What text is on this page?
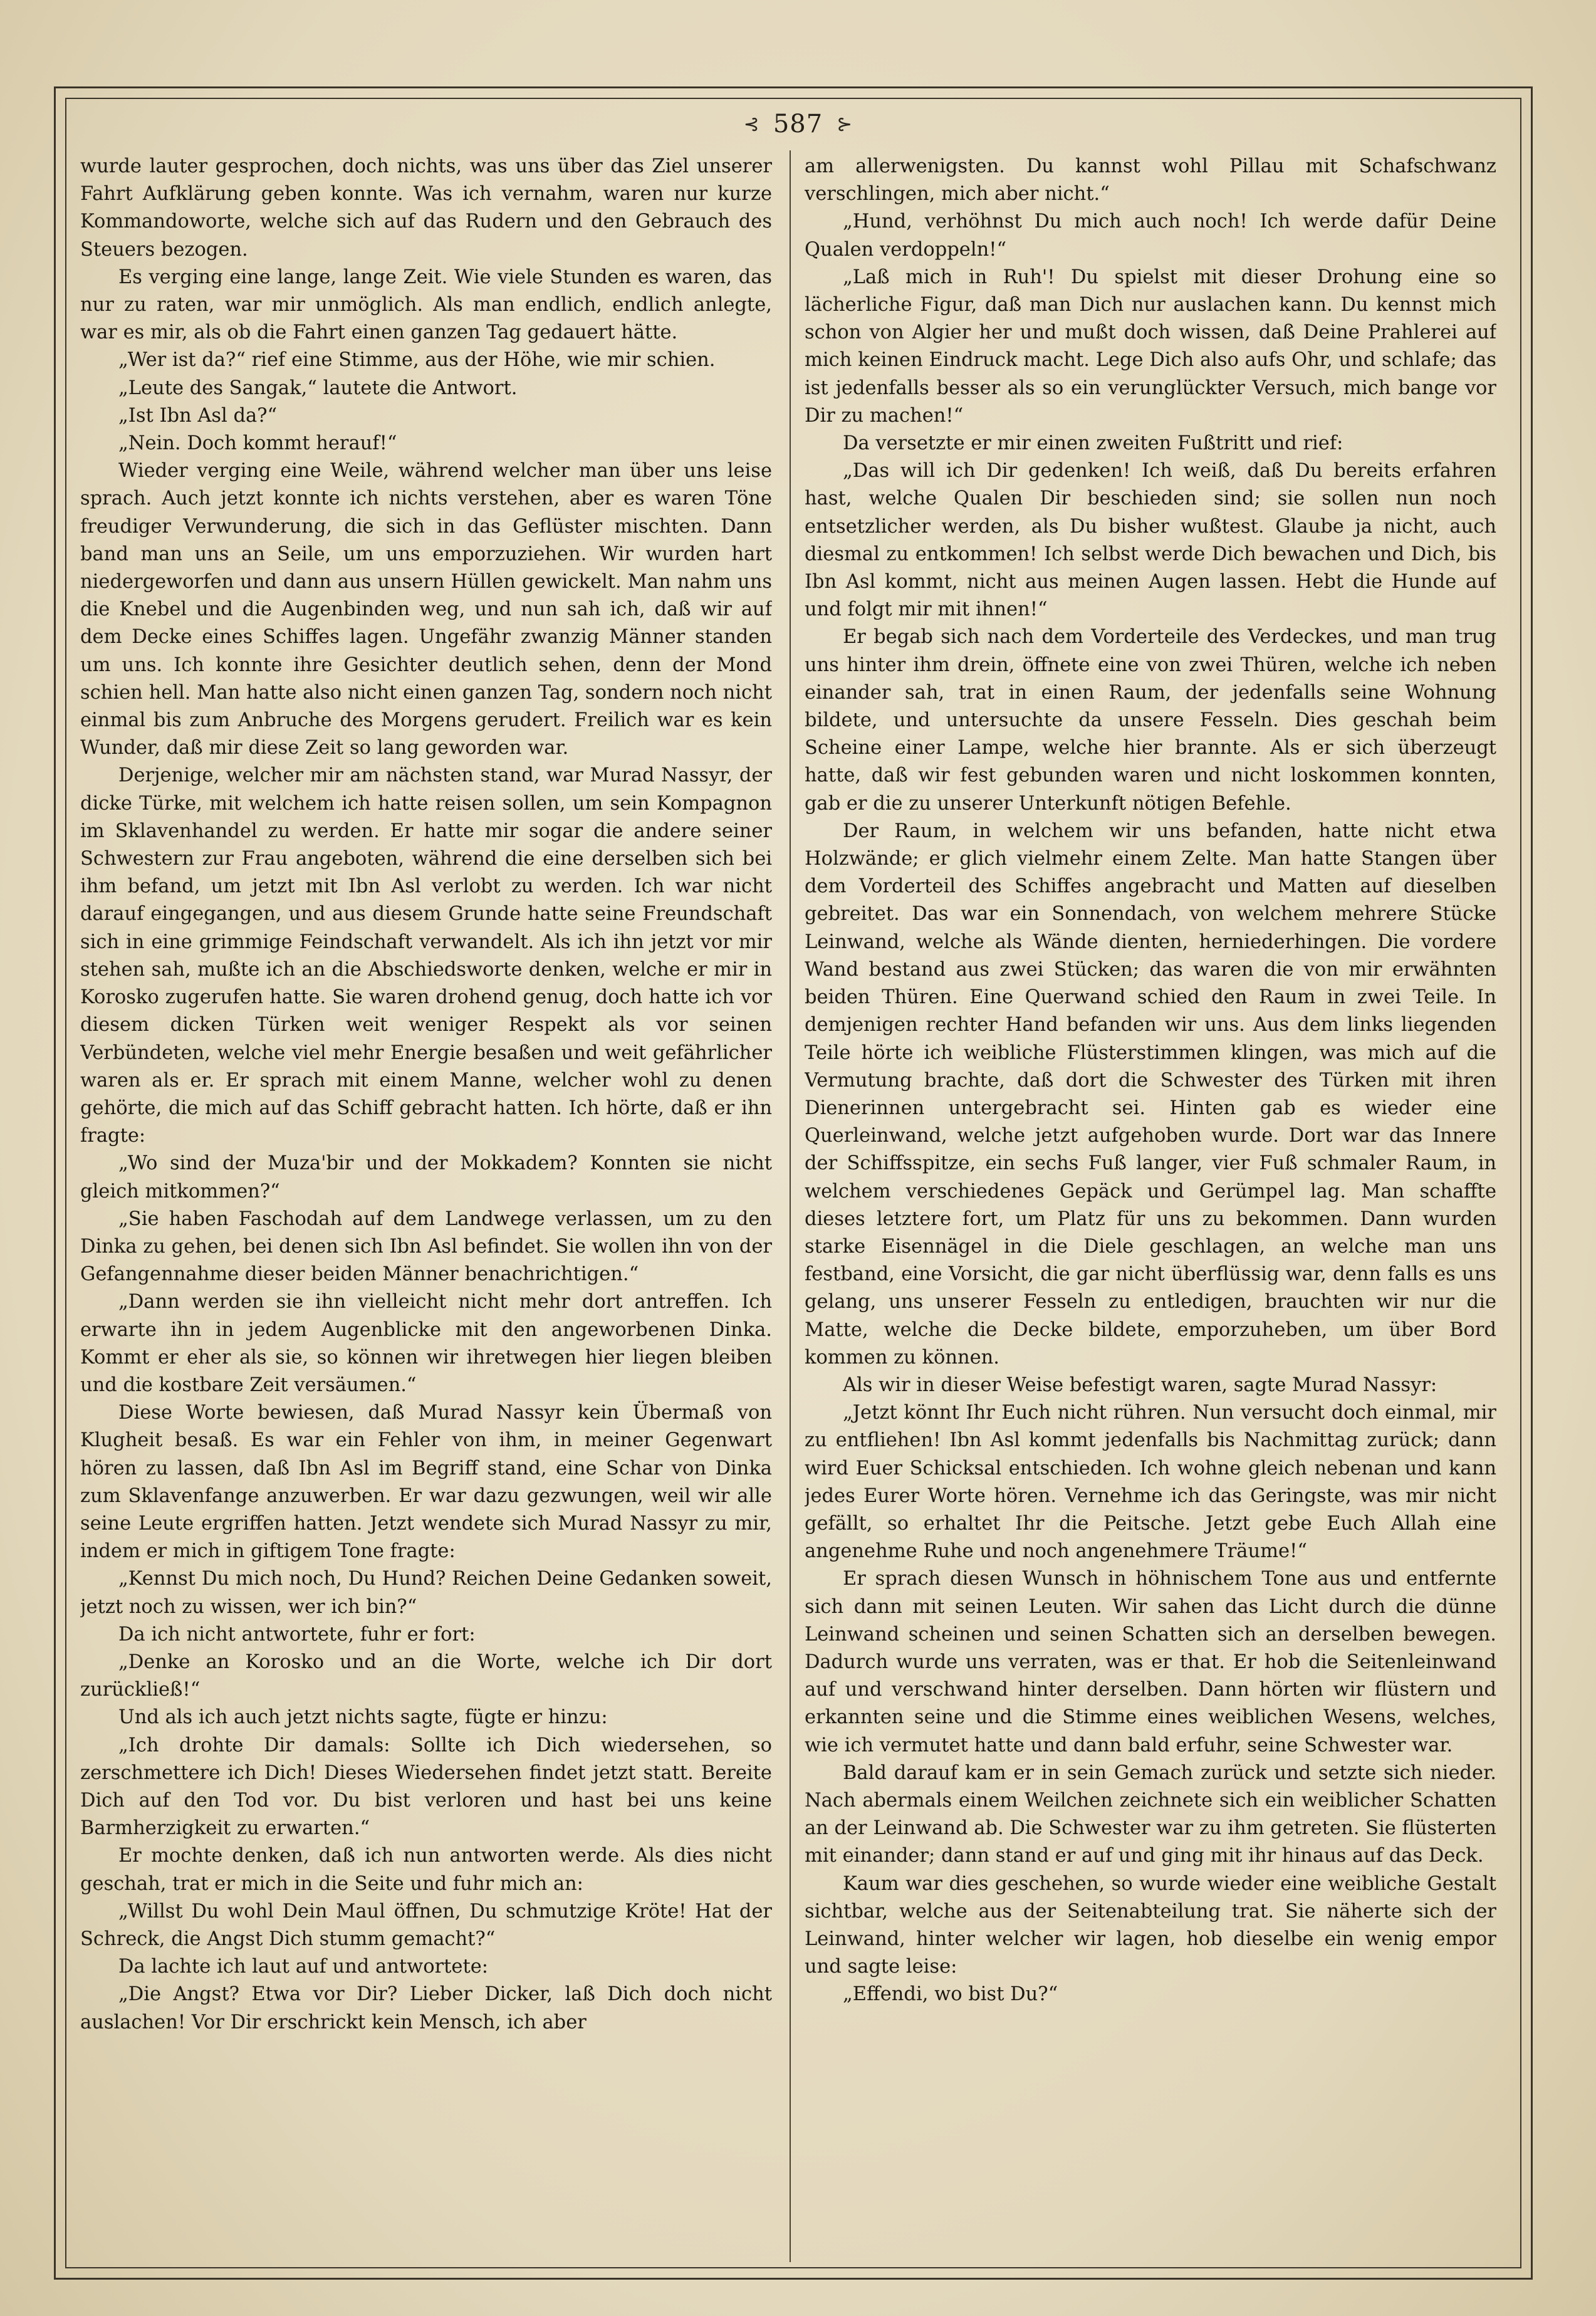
⊰ 587 ⊱

wurde lauter gesprochen, doch nichts, was uns über das Ziel unserer Fahrt Aufklärung geben konnte. Was ich vernahm, waren nur kurze Kommandoworte, welche sich auf das Rudern und den Gebrauch des Steuers bezogen.

Es verging eine lange, lange Zeit. Wie viele Stunden es waren, das nur zu raten, war mir unmöglich. Als man endlich, endlich anlegte, war es mir, als ob die Fahrt einen ganzen Tag gedauert hätte.

„Wer ist da?“ rief eine Stimme, aus der Höhe, wie mir schien.

„Leute des Sangak,“ lautete die Antwort.

„Ist Ibn Asl da?“

„Nein. Doch kommt herauf!“

Wieder verging eine Weile, während welcher man über uns leise sprach. Auch jetzt konnte ich nichts verstehen, aber es waren Töne freudiger Verwunderung, die sich in das Geflüster mischten. Dann band man uns an Seile, um uns emporzuziehen. Wir wurden hart niedergeworfen und dann aus unsern Hüllen gewickelt. Man nahm uns die Knebel und die Augenbinden weg, und nun sah ich, daß wir auf dem Decke eines Schiffes lagen. Ungefähr zwanzig Männer standen um uns. Ich konnte ihre Gesichter deutlich sehen, denn der Mond schien hell. Man hatte also nicht einen ganzen Tag, sondern noch nicht einmal bis zum Anbruche des Morgens gerudert. Freilich war es kein Wunder, daß mir diese Zeit so lang geworden war.

Derjenige, welcher mir am nächsten stand, war Murad Nassyr, der dicke Türke, mit welchem ich hatte reisen sollen, um sein Kompagnon im Sklavenhandel zu werden. Er hatte mir sogar die andere seiner Schwestern zur Frau angeboten, während die eine derselben sich bei ihm befand, um jetzt mit Ibn Asl verlobt zu werden. Ich war nicht darauf eingegangen, und aus diesem Grunde hatte seine Freundschaft sich in eine grimmige Feindschaft verwandelt. Als ich ihn jetzt vor mir stehen sah, mußte ich an die Abschiedsworte denken, welche er mir in Korosko zugerufen hatte. Sie waren drohend genug, doch hatte ich vor diesem dicken Türken weit weniger Respekt als vor seinen Verbündeten, welche viel mehr Energie besaßen und weit gefährlicher waren als er. Er sprach mit einem Manne, welcher wohl zu denen gehörte, die mich auf das Schiff gebracht hatten. Ich hörte, daß er ihn fragte:

„Wo sind der Muza'bir und der Mokkadem? Konnten sie nicht gleich mitkommen?“

„Sie haben Faschodah auf dem Landwege verlassen, um zu den Dinka zu gehen, bei denen sich Ibn Asl befindet. Sie wollen ihn von der Gefangennahme dieser beiden Männer benachrichtigen.“

„Dann werden sie ihn vielleicht nicht mehr dort antreffen. Ich erwarte ihn in jedem Augenblicke mit den angeworbenen Dinka. Kommt er eher als sie, so können wir ihretwegen hier liegen bleiben und die kostbare Zeit versäumen.“

Diese Worte bewiesen, daß Murad Nassyr kein Übermaß von Klugheit besaß. Es war ein Fehler von ihm, in meiner Gegenwart hören zu lassen, daß Ibn Asl im Begriff stand, eine Schar von Dinka zum Sklavenfange anzuwerben. Er war dazu gezwungen, weil wir alle seine Leute ergriffen hatten. Jetzt wendete sich Murad Nassyr zu mir, indem er mich in giftigem Tone fragte:

„Kennst Du mich noch, Du Hund? Reichen Deine Gedanken soweit, jetzt noch zu wissen, wer ich bin?“

Da ich nicht antwortete, fuhr er fort:

„Denke an Korosko und an die Worte, welche ich Dir dort zurückließ!“

Und als ich auch jetzt nichts sagte, fügte er hinzu:

„Ich drohte Dir damals: Sollte ich Dich wiedersehen, so zerschmettere ich Dich! Dieses Wiedersehen findet jetzt statt. Bereite Dich auf den Tod vor. Du bist verloren und hast bei uns keine Barmherzigkeit zu erwarten.“

Er mochte denken, daß ich nun antworten werde. Als dies nicht geschah, trat er mich in die Seite und fuhr mich an:

„Willst Du wohl Dein Maul öffnen, Du schmutzige Kröte! Hat der Schreck, die Angst Dich stumm gemacht?“

Da lachte ich laut auf und antwortete:

„Die Angst? Etwa vor Dir? Lieber Dicker, laß Dich doch nicht auslachen! Vor Dir erschrickt kein Mensch, ich aber

am allerwenigsten. Du kannst wohl Pillau mit Schafschwanz verschlingen, mich aber nicht.“

„Hund, verhöhnst Du mich auch noch! Ich werde dafür Deine Qualen verdoppeln!“

„Laß mich in Ruh'! Du spielst mit dieser Drohung eine so lächerliche Figur, daß man Dich nur auslachen kann. Du kennst mich schon von Algier her und mußt doch wissen, daß Deine Prahlerei auf mich keinen Eindruck macht. Lege Dich also aufs Ohr, und schlafe; das ist jedenfalls besser als so ein verunglückter Versuch, mich bange vor Dir zu machen!“

Da versetzte er mir einen zweiten Fußtritt und rief:

„Das will ich Dir gedenken! Ich weiß, daß Du bereits erfahren hast, welche Qualen Dir beschieden sind; sie sollen nun noch entsetzlicher werden, als Du bisher wußtest. Glaube ja nicht, auch diesmal zu entkommen! Ich selbst werde Dich bewachen und Dich, bis Ibn Asl kommt, nicht aus meinen Augen lassen. Hebt die Hunde auf und folgt mir mit ihnen!“

Er begab sich nach dem Vorderteile des Verdeckes, und man trug uns hinter ihm drein, öffnete eine von zwei Thüren, welche ich neben einander sah, trat in einen Raum, der jedenfalls seine Wohnung bildete, und untersuchte da unsere Fesseln. Dies geschah beim Scheine einer Lampe, welche hier brannte. Als er sich überzeugt hatte, daß wir fest gebunden waren und nicht loskommen konnten, gab er die zu unserer Unterkunft nötigen Befehle.

Der Raum, in welchem wir uns befanden, hatte nicht etwa Holzwände; er glich vielmehr einem Zelte. Man hatte Stangen über dem Vorderteil des Schiffes angebracht und Matten auf dieselben gebreitet. Das war ein Sonnendach, von welchem mehrere Stücke Leinwand, welche als Wände dienten, herniederhingen. Die vordere Wand bestand aus zwei Stücken; das waren die von mir erwähnten beiden Thüren. Eine Querwand schied den Raum in zwei Teile. In demjenigen rechter Hand befanden wir uns. Aus dem links liegenden Teile hörte ich weibliche Flüsterstimmen klingen, was mich auf die Vermutung brachte, daß dort die Schwester des Türken mit ihren Dienerinnen untergebracht sei. Hinten gab es wieder eine Querleinwand, welche jetzt aufgehoben wurde. Dort war das Innere der Schiffsspitze, ein sechs Fuß langer, vier Fuß schmaler Raum, in welchem verschiedenes Gepäck und Gerümpel lag. Man schaffte dieses letztere fort, um Platz für uns zu bekommen. Dann wurden starke Eisennägel in die Diele geschlagen, an welche man uns festband, eine Vorsicht, die gar nicht überflüssig war, denn falls es uns gelang, uns unserer Fesseln zu entledigen, brauchten wir nur die Matte, welche die Decke bildete, emporzuheben, um über Bord kommen zu können.

Als wir in dieser Weise befestigt waren, sagte Murad Nassyr:

„Jetzt könnt Ihr Euch nicht rühren. Nun versucht doch einmal, mir zu entfliehen! Ibn Asl kommt jedenfalls bis Nachmittag zurück; dann wird Euer Schicksal entschieden. Ich wohne gleich nebenan und kann jedes Eurer Worte hören. Vernehme ich das Geringste, was mir nicht gefällt, so erhaltet Ihr die Peitsche. Jetzt gebe Euch Allah eine angenehme Ruhe und noch angenehmere Träume!“

Er sprach diesen Wunsch in höhnischem Tone aus und entfernte sich dann mit seinen Leuten. Wir sahen das Licht durch die dünne Leinwand scheinen und seinen Schatten sich an derselben bewegen. Dadurch wurde uns verraten, was er that. Er hob die Seitenleinwand auf und verschwand hinter derselben. Dann hörten wir flüstern und erkannten seine und die Stimme eines weiblichen Wesens, welches, wie ich vermutet hatte und dann bald erfuhr, seine Schwester war.

Bald darauf kam er in sein Gemach zurück und setzte sich nieder. Nach abermals einem Weilchen zeichnete sich ein weiblicher Schatten an der Leinwand ab. Die Schwester war zu ihm getreten. Sie flüsterten mit einander; dann stand er auf und ging mit ihr hinaus auf das Deck.

Kaum war dies geschehen, so wurde wieder eine weibliche Gestalt sichtbar, welche aus der Seitenabteilung trat. Sie näherte sich der Leinwand, hinter welcher wir lagen, hob dieselbe ein wenig empor und sagte leise:

„Effendi, wo bist Du?“
